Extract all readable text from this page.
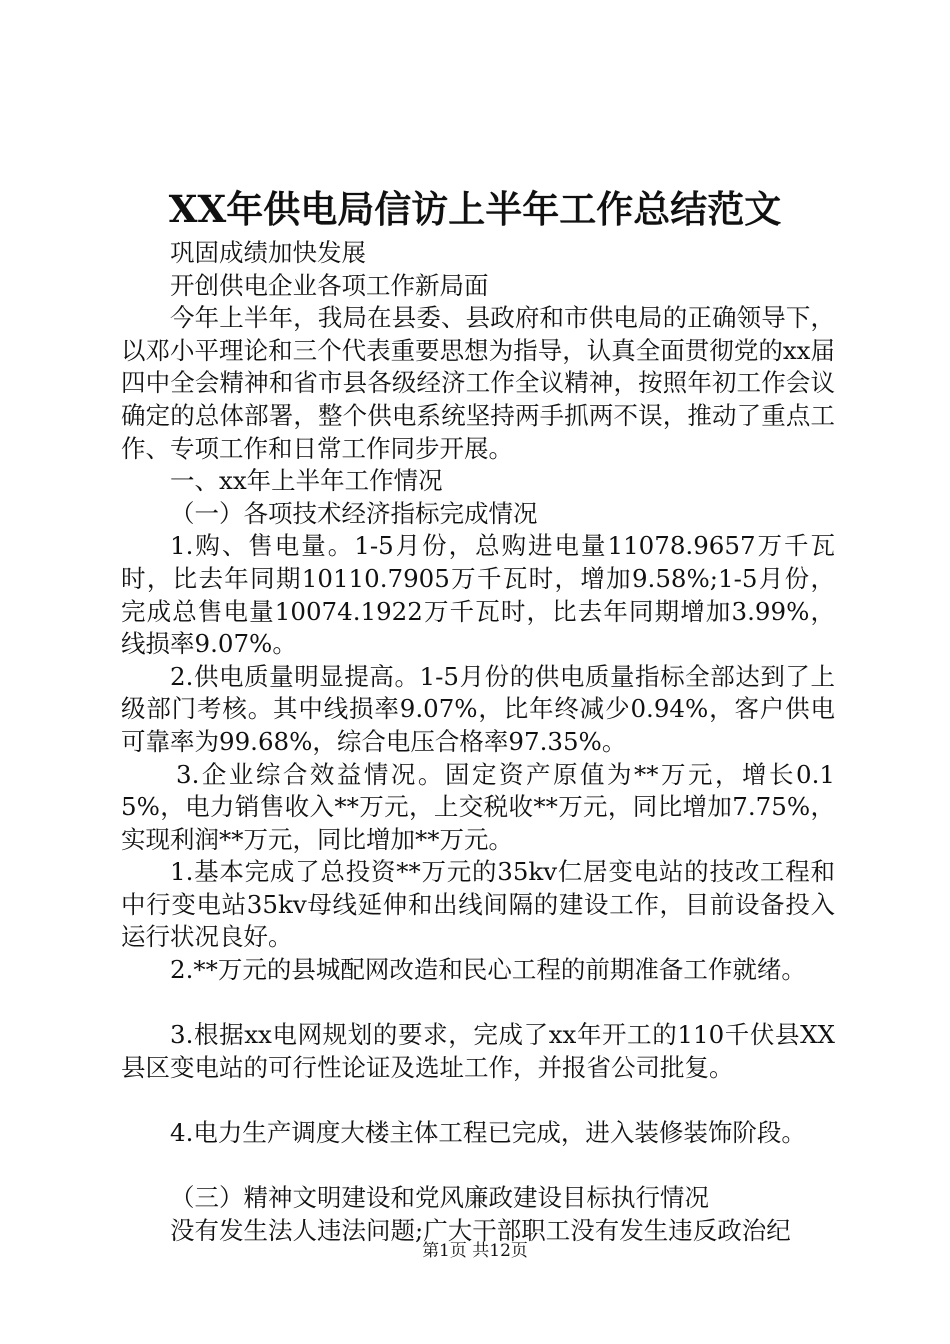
XX年供电局信访上半年工作总结范文

巩固成绩加快发展

开创供电企业各项工作新局面

今年上半年，我局在县委、县政府和市供电局的正确领导下，以邓小平理论和三个代表重要思想为指导，认真全面贯彻党的xx届四中全会精神和省市县各级经济工作全议精神，按照年初工作会议确定的总体部署，整个供电系统坚持两手抓两不误，推动了重点工作、专项工作和日常工作同步开展。

一、xx年上半年工作情况

（一）各项技术经济指标完成情况

1.购、售电量。1-5月份，总购进电量11078.9657万千瓦时，比去年同期10110.7905万千瓦时，增加9.58%;1-5月份，完成总售电量10074.1922万千瓦时，比去年同期增加3.99%，线损率9.07%。

2.供电质量明显提高。1-5月份的供电质量指标全部达到了上级部门考核。其中线损率9.07%，比年终减少0.94%，客户供电可靠率为99.68%，综合电压合格率97.35%。

3.企业综合效益情况。固定资产原值为**万元，增长0.15%，电力销售收入**万元，上交税收**万元，同比增加7.75%，实现利润**万元，同比增加**万元。

1.基本完成了总投资**万元的35kv仁居变电站的技改工程和中行变电站35kv母线延伸和出线间隔的建设工作，目前设备投入运行状况良好。

2.**万元的县城配网改造和民心工程的前期准备工作就绪。

3.根据xx电网规划的要求，完成了xx年开工的110千伏县XX县区变电站的可行性论证及选址工作，并报省公司批复。

4.电力生产调度大楼主体工程已完成，进入装修装饰阶段。

（三）精神文明建设和党风廉政建设目标执行情况

没有发生法人违法问题;广大干部职工没有发生违反政治纪

第1页 共12页
